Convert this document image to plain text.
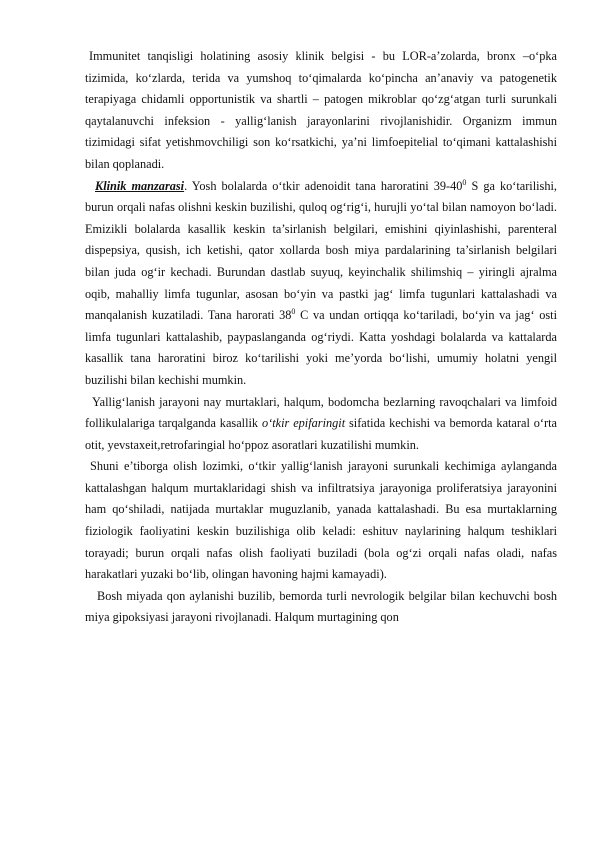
Immunitet tanqisligi holatining asosiy klinik belgisi - bu LOR-a’zolarda, bronx –o‘pka tizimida, ko‘zlarda, terida va yumshoq to‘qimalarda ko‘pincha an’anaviy va patogenetik terapiyaga chidamli opportunistik va shartli – patogen mikroblar qo‘zg‘atgan turli surunkali qaytalanuvchi infeksion - yallig‘lanish jarayonlarini rivojlanishidir. Organizm immun tizimidagi sifat yetishmovchiligi son ko‘rsatkichi, ya’ni limfoepitelial to‘qimani kattalashishi bilan qoplanadi.

Klinik manzarasi. Yosh bolalarda o‘tkir adenoidit tana haroratini $39-40^0$ S ga ko‘tarilishi, burun orqali nafas olishni keskin buzilishi, quloq og‘rig‘i, hurujli yo‘tal bilan namoyon bo‘ladi. Emizikli bolalarda kasallik keskin ta’sirlanish belgilari, emishini qiyinlashishi, parenteral dispepsiya, qusish, ich ketishi, qator xollarda bosh miya pardalarining ta’sirlanish belgilari bilan juda og‘ir kechadi. Burundan dastlab suyuq, keyinchalik shilimshiq – yiringli ajralma oqib, mahalliy limfa tugunlar, asosan bo‘yin va pastki jag‘ limfa tugunlari kattalashadi va manqalanish kuzatiladi. Tana harorati $38^0$ C va undan ortiqqa ko‘tariladi, bo‘yin va jag‘ osti limfa tugunlari kattalashib, paypaslanganda og‘riydi. Katta yoshdagi bolalarda va kattalarda kasallik tana haroratini biroz ko‘tarilishi yoki me’yorda bo‘lishi, umumiy holatni yengil buzilishi bilan kechishi mumkin.

Yallig‘lanish jarayoni nay murtaklari, halqum, bodomcha bezlarning ravoqchalari va limfoid follikulalariga tarqalganda kasallik o‘tkir epifaringit sifatida kechishi va bemorda kataral o‘rta otit, yevstaxeit,retrofaringial ho‘ppoz asoratlari kuzatilishi mumkin.

Shuni e’tiborga olish lozimki, o‘tkir yallig‘lanish jarayoni surunkali kechimiga aylanganda kattalashgan halqum murtaklaridagi shish va infiltratsiya jarayoniga proliferatsiya jarayonini ham qo‘shiladi, natijada murtaklar muguzlanib, yanada kattalashadi. Bu esa murtaklarning fiziologik faoliyatini keskin buzilishiga olib keladi: eshituv naylarining halqum teshiklari torayadi; burun orqali nafas olish faoliyati buziladi (bola og‘zi orqali nafas oladi, nafas harakatlari yuzaki bo‘lib, olingan havoning hajmi kamayadi).

Bosh miyada qon aylanishi buzilib, bemorda turli nevrologik belgilar bilan kechuvchi bosh miya gipoksiyasi jarayoni rivojlanadi. Halqum murtagining qon
